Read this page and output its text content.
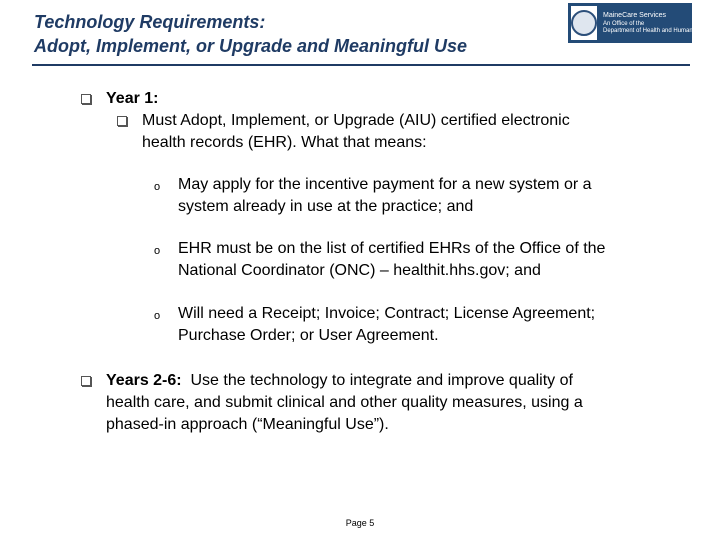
Technology Requirements:
Adopt, Implement, or Upgrade and Meaningful Use
MaineCare Services
An Office of the
Department of Health and Human Services
Year 1:
Must Adopt, Implement, or Upgrade (AIU) certified electronic
health records (EHR). What that means:
o May apply for the incentive payment for a new system or a
system already in use at the practice; and
o EHR must be on the list of certified EHRs of the Office of the
National Coordinator (ONC) – healthit.hhs.gov; and
o Will need a Receipt; Invoice; Contract; License Agreement;
Purchase Order; or User Agreement.
Years 2-6:  Use the technology to integrate and improve quality of
health care, and submit clinical and other quality measures, using a
phased-in approach (“Meaningful Use”).
Page 5
